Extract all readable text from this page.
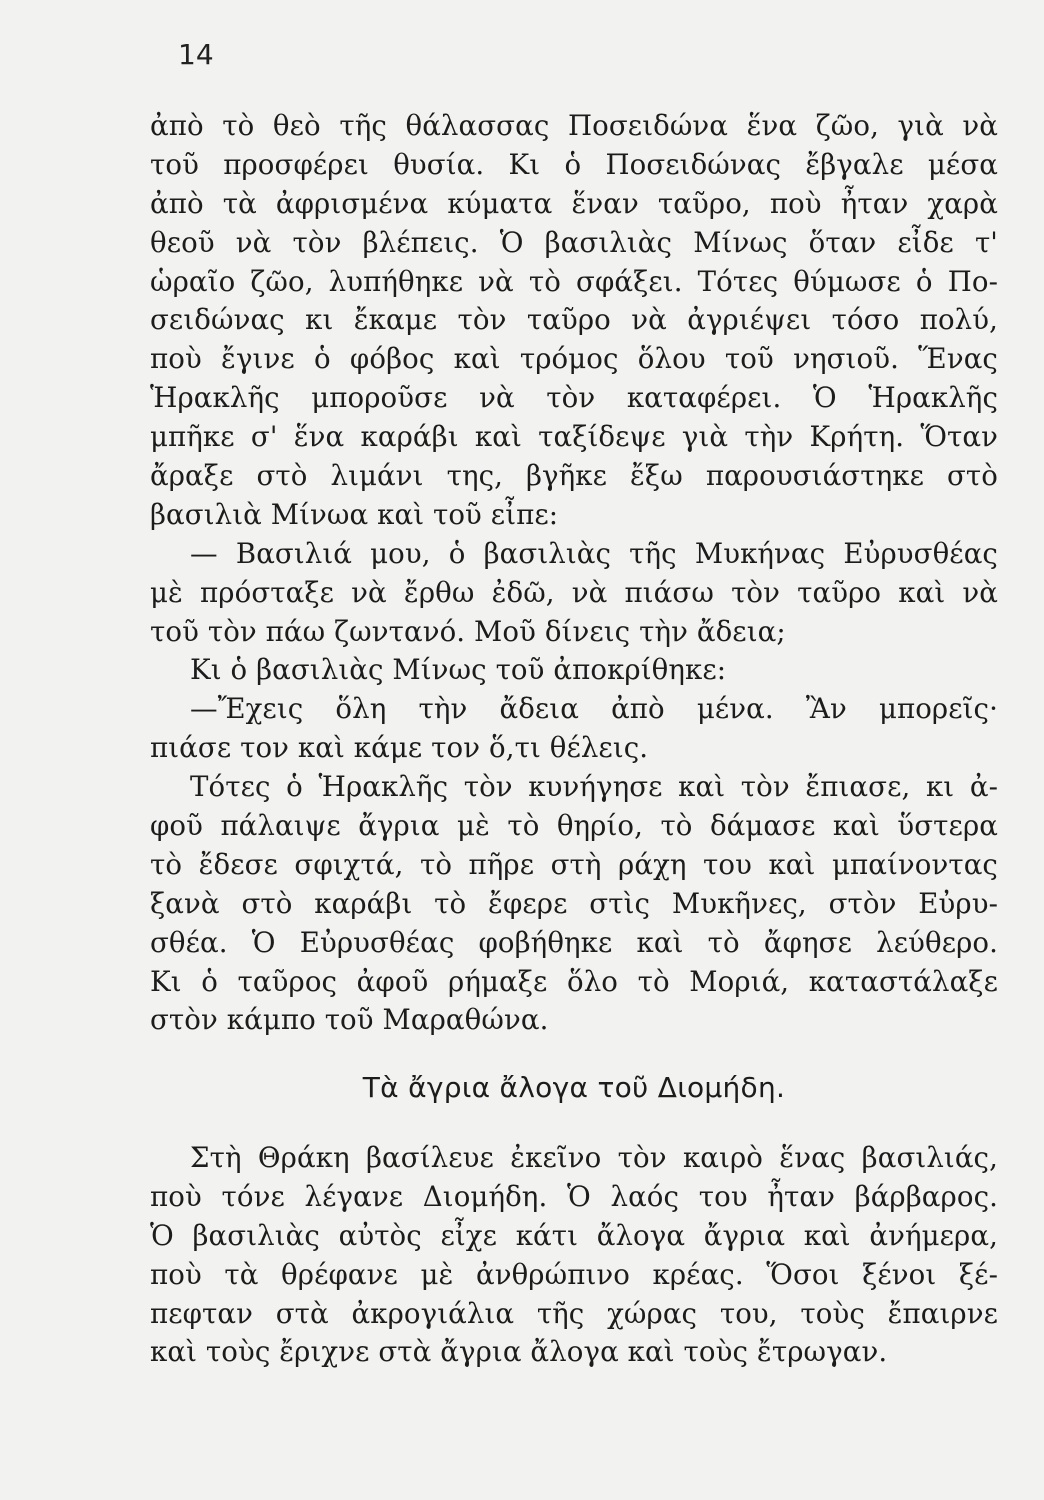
14
ἀπὸ τὸ θεὸ τῆς θάλασσας Ποσειδώνα ἕνα ζῶο, γιὰ νὰ
τοῦ προσφέρει θυσία. Κι ὁ Ποσειδώνας ἔβγαλε μέσα
ἀπὸ τὰ ἀφρισμένα κύματα ἕναν ταῦρο, ποὺ ἦταν χαρὰ
θεοῦ νὰ τὸν βλέπεις. Ὁ βασιλιὰς Μίνως ὅταν εἶδε τ'
ὡραῖο ζῶο, λυπήθηκε νὰ τὸ σφάξει. Τότες θύμωσε ὁ Πο-
σειδώνας κι ἔκαμε τὸν ταῦρο νὰ ἀγριέψει τόσο πολύ,
ποὺ ἔγινε ὁ φόβος καὶ τρόμος ὅλου τοῦ νησιοῦ. Ἕνας
Ἡρακλῆς μποροῦσε νὰ τὸν καταφέρει. Ὁ Ἡρακλῆς
μπῆκε σ' ἕνα καράβι καὶ ταξίδεψε γιὰ τὴν Κρήτη. Ὅταν
ἄραξε στὸ λιμάνι της, βγῆκε ἔξω παρουσιάστηκε στὸ
βασιλιὰ Μίνωα καὶ τοῦ εἶπε:
— Βασιλιά μου, ὁ βασιλιὰς τῆς Μυκήνας Εὐρυσθέας
μὲ πρόσταξε νὰ ἔρθω ἐδῶ, νὰ πιάσω τὸν ταῦρο καὶ νὰ
τοῦ τὸν πάω ζωντανό. Μοῦ δίνεις τὴν ἄδεια;
Κι ὁ βασιλιὰς Μίνως τοῦ ἀποκρίθηκε:
—Ἔχεις ὅλη τὴν ἄδεια ἀπὸ μένα. Ἂν μπορεῖς·
πιάσε τον καὶ κάμε τον ὅ,τι θέλεις.
Τότες ὁ Ἡρακλῆς τὸν κυνήγησε καὶ τὸν ἔπιασε, κι ἀ-
φοῦ πάλαιψε ἄγρια μὲ τὸ θηρίο, τὸ δάμασε καὶ ὕστερα
τὸ ἔδεσε σφιχτά, τὸ πῆρε στὴ ράχη του καὶ μπαίνοντας
ξανὰ στὸ καράβι τὸ ἔφερε στὶς Μυκῆνες, στὸν Εὐρυ-
σθέα. Ὁ Εὐρυσθέας φοβήθηκε καὶ τὸ ἄφησε λεύθερο.
Κι ὁ ταῦρος ἀφοῦ ρήμαξε ὅλο τὸ Μοριά, καταστάλαξε
στὸν κάμπο τοῦ Μαραθώνα.
Τὰ ἄγρια ἄλογα τοῦ Διομήδη.
Στὴ Θράκη βασίλευε ἐκεῖνο τὸν καιρὸ ἕνας βασιλιάς,
ποὺ τόνε λέγανε Διομήδη. Ὁ λαός του ἦταν βάρβαρος.
Ὁ βασιλιὰς αὐτὸς εἶχε κάτι ἄλογα ἄγρια καὶ ἀνήμερα,
ποὺ τὰ θρέφανε μὲ ἀνθρώπινο κρέας. Ὅσοι ξένοι ξέ-
πεφταν στὰ ἀκρογιάλια τῆς χώρας του, τοὺς ἔπαιρνε
καὶ τοὺς ἔριχνε στὰ ἄγρια ἄλογα καὶ τοὺς ἔτρωγαν.
